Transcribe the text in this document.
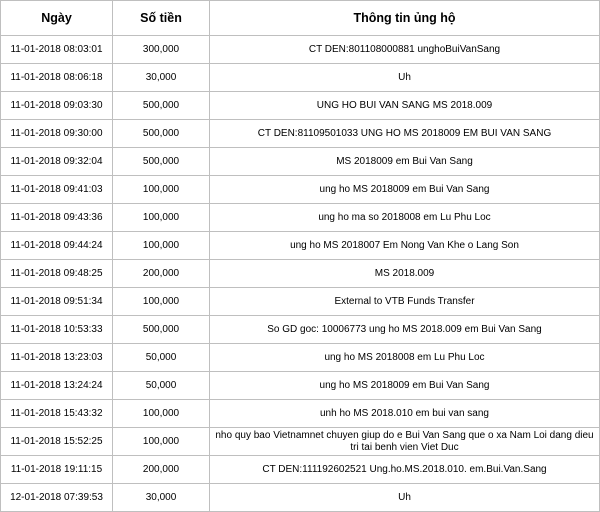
Ngày	Số tiền	Thông tin ủng hộ
11-01-2018 08:03:01	300,000	CT DEN:801108000881 unghoBuiVanSang
11-01-2018 08:06:18	30,000	Uh
11-01-2018 09:03:30	500,000	UNG HO BUI VAN SANG MS 2018.009
11-01-2018 09:30:00	500,000	CT DEN:81109501033 UNG HO MS 2018009 EM BUI VAN SANG
11-01-2018 09:32:04	500,000	MS 2018009 em Bui Van Sang
11-01-2018 09:41:03	100,000	ung ho MS 2018009 em Bui Van Sang
11-01-2018 09:43:36	100,000	ung ho ma so 2018008 em Lu Phu Loc
11-01-2018 09:44:24	100,000	ung ho MS 2018007 Em Nong Van Khe o Lang Son
11-01-2018 09:48:25	200,000	MS 2018.009
11-01-2018 09:51:34	100,000	External to VTB Funds Transfer
11-01-2018 10:53:33	500,000	So GD goc: 10006773 ung ho MS 2018.009 em Bui Van Sang
11-01-2018 13:23:03	50,000	ung ho MS 2018008 em Lu Phu Loc
11-01-2018 13:24:24	50,000	ung ho MS 2018009 em Bui Van Sang
11-01-2018 15:43:32	100,000	unh ho MS 2018.010 em bui van sang
11-01-2018 15:52:25	100,000	nho quy bao Vietnamnet chuyen giup do e Bui Van Sang que o xa Nam Loi dang dieu tri tai benh vien Viet Duc
11-01-2018 19:11:15	200,000	CT DEN:111192602521 Ung.ho.MS.2018.010. em.Bui.Van.Sang
12-01-2018 07:39:53	30,000	Uh
